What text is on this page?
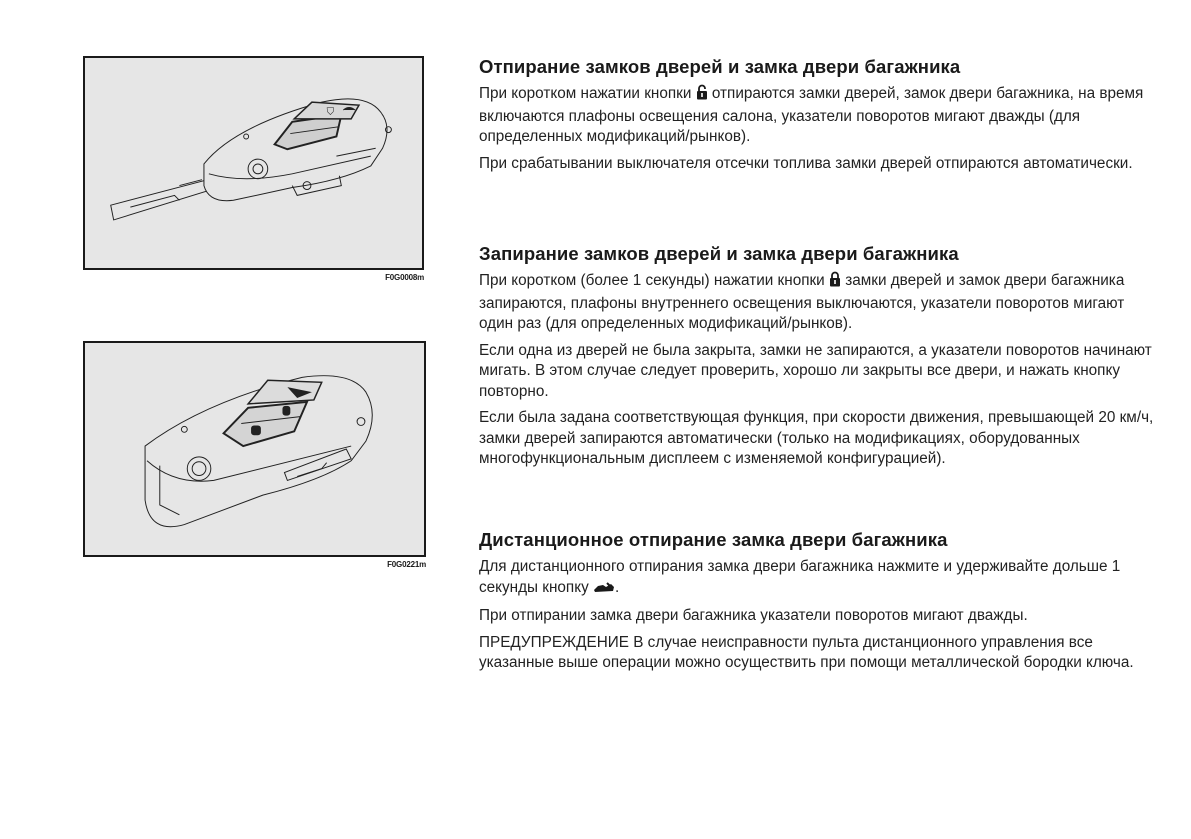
⛉
F0G0008m
F0G0221m
Отпирание замков дверей и замка двери багажника

При коротком нажатии кнопки  отпираются замки дверей, замок двери багажника, на время включаются плафоны освещения салона, указатели поворотов мигают дважды (для определенных модификаций/рынков).

При срабатывании выключателя отсечки топлива замки дверей отпираются автоматически.

Запирание замков дверей и замка двери багажника

При коротком (более 1 секунды) нажатии кнопки  замки дверей и замок двери багажника запираются, плафоны внутреннего освещения выключаются, указатели поворотов мигают один раз (для определенных модификаций/рынков).

Если одна из дверей не была закрыта, замки не запираются, а указатели поворотов начинают мигать. В этом случае следует проверить, хорошо ли закрыты все двери, и нажать кнопку повторно.

Если была задана соответствующая функция, при скорости движения, превышающей 20 км/ч, замки дверей запираются автоматически (только на модификациях, оборудованных многофункциональным дисплеем с изменяемой конфигурацией).

Дистанционное отпирание замка двери багажника

Для дистанционного отпирания замка двери багажника нажмите и удерживайте дольше 1 секунды кнопку .

При отпирании замка двери багажника указатели поворотов мигают дважды.

ПРЕДУПРЕЖДЕНИЕ В случае неисправности пульта дистанционного управления все указанные выше операции можно осуществить при помощи металлической бородки ключа.
